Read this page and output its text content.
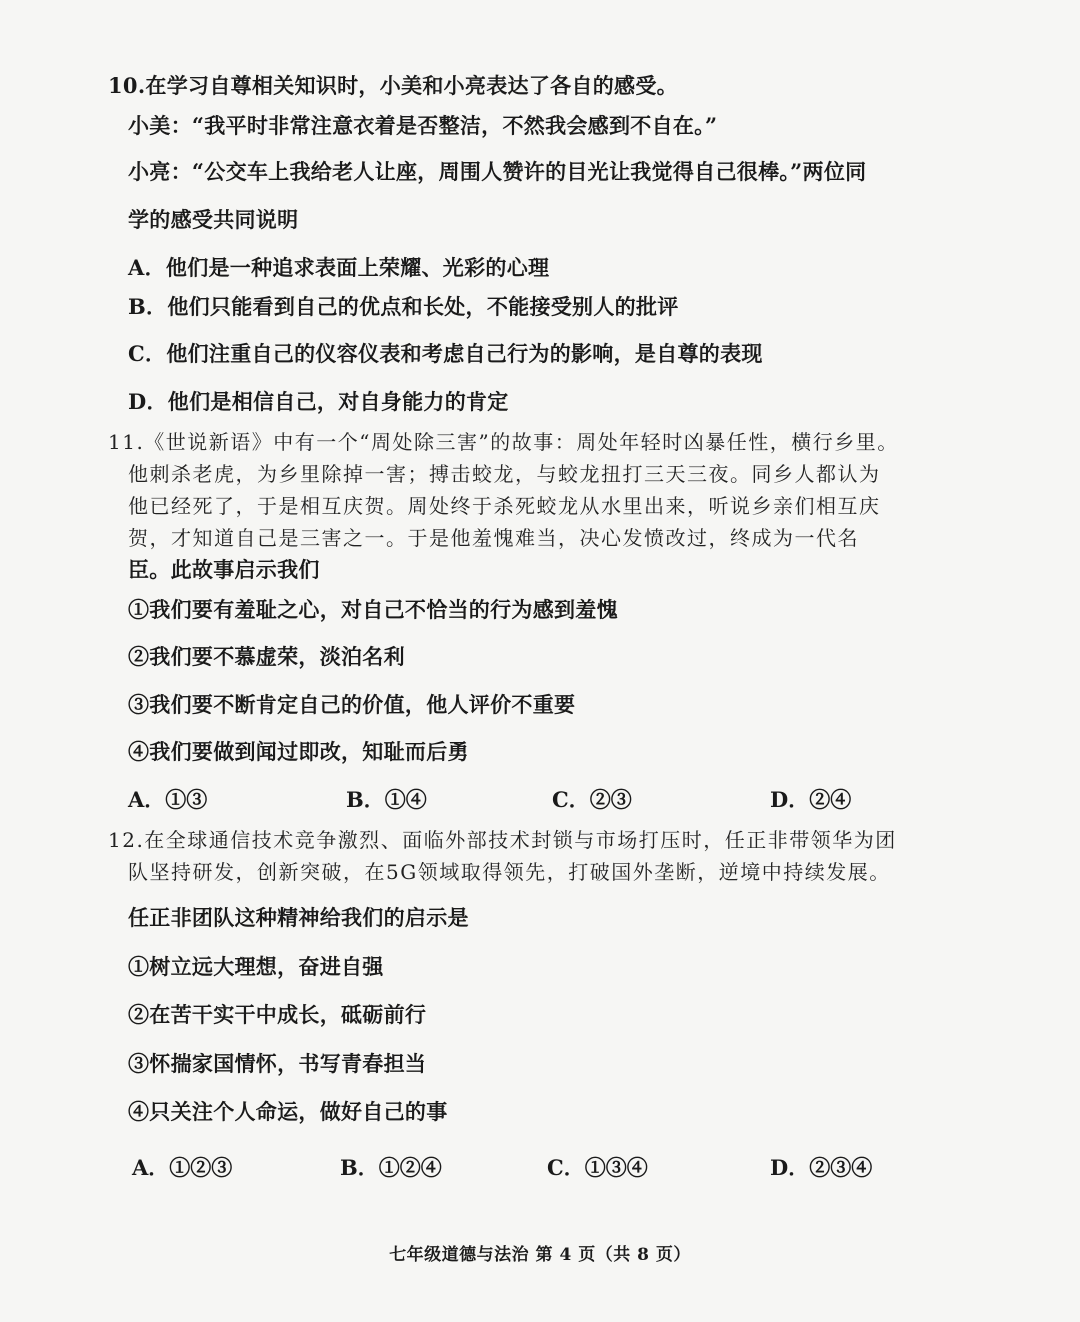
10.在学习自尊相关知识时，小美和小亮表达了各自的感受。
小美：“我平时非常注意衣着是否整洁，不然我会感到不自在。”
小亮：“公交车上我给老人让座，周围人赞许的目光让我觉得自己很棒。”两位同
学的感受共同说明
A．他们是一种追求表面上荣耀、光彩的心理
B．他们只能看到自己的优点和长处，不能接受别人的批评
C．他们注重自己的仪容仪表和考虑自己行为的影响，是自尊的表现
D．他们是相信自己，对自身能力的肯定
11.《世说新语》中有一个“周处除三害”的故事：周处年轻时凶暴任性，横行乡里。
他刺杀老虎，为乡里除掉一害；搏击蛟龙，与蛟龙扭打三天三夜。同乡人都认为
他已经死了，于是相互庆贺。周处终于杀死蛟龙从水里出来，听说乡亲们相互庆
贺，才知道自己是三害之一。于是他羞愧难当，决心发愤改过，终成为一代名
臣。此故事启示我们
①我们要有羞耻之心，对自己不恰当的行为感到羞愧
②我们要不慕虚荣，淡泊名利
③我们要不断肯定自己的价值，他人评价不重要
④我们要做到闻过即改，知耻而后勇
A．①③	B．①④	C．②③	D．②④
12.在全球通信技术竞争激烈、面临外部技术封锁与市场打压时，任正非带领华为团
队坚持研发，创新突破，在5G领域取得领先，打破国外垄断，逆境中持续发展。
任正非团队这种精神给我们的启示是
①树立远大理想，奋进自强
②在苦干实干中成长，砥砺前行
③怀揣家国情怀，书写青春担当
④只关注个人命运，做好自己的事
A．①②③	B．①②④	C．①③④	D．②③④
七年级道德与法治 第 4 页（共 8 页）
